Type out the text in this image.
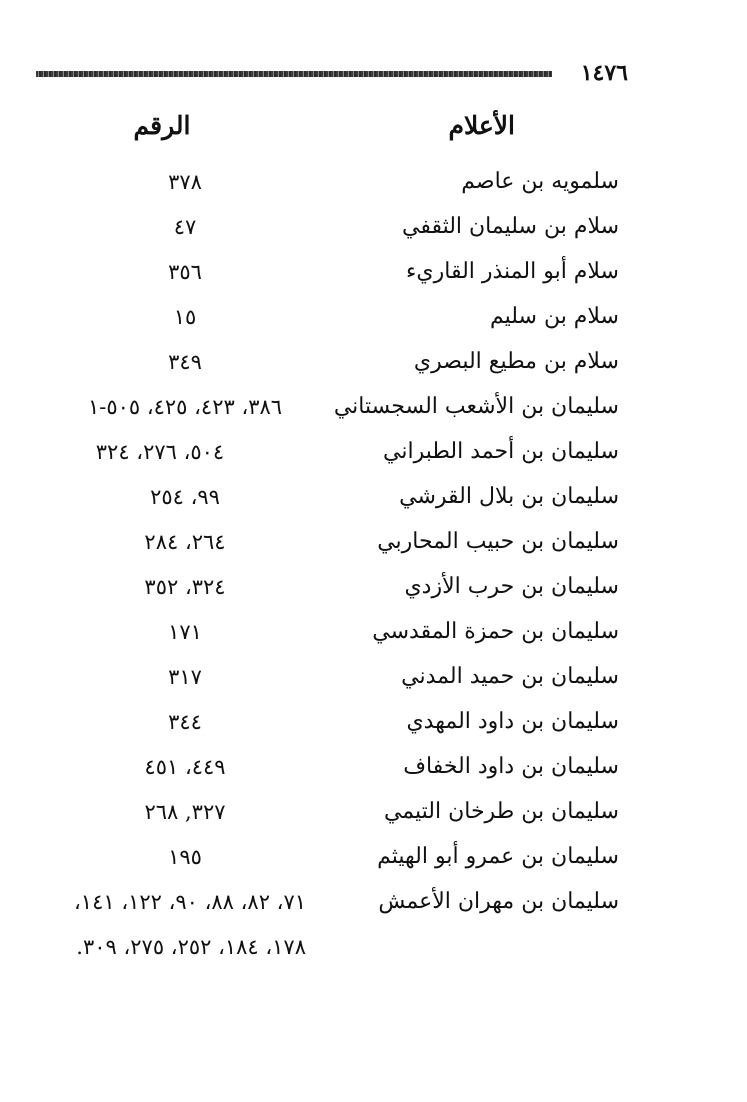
١٤٧٦
الأعلام
الرقم
سلمويه بن عاصم
٣٧٨
سلام بن سليمان الثقفي
٤٧
سلام أبو المنذر القاريء
٣٥٦
سلام بن سليم
١٥
سلام بن مطيع البصري
٣٤٩
سليمان بن الأشعب السجستاني
٣٨٦، ٤٢٣، ٤٢٥، ٥٠٥-١
سليمان بن أحمد الطبراني
٥٠٤، ٢٧٦، ٣٢٤
سليمان بن بلال القرشي
٩٩، ٢٥٤
سليمان بن حبيب المحاربي
٢٦٤، ٢٨٤
سليمان بن حرب الأزدي
٣٢٤، ٣٥٢
سليمان بن حمزة المقدسي
١٧١
سليمان بن حميد المدني
٣١٧
سليمان بن داود المهدي
٣٤٤
سليمان بن داود الخفاف
٤٤٩، ٤٥١
سليمان بن طرخان التيمي
٣٢٧, ٢٦٨
سليمان بن عمرو أبو الهيثم
١٩٥
سليمان بن مهران الأعمش
٧١، ٨٢، ٨٨، ٩٠، ١٢٢، ١٤١،
١٧٨، ١٨٤، ٢٥٢، ٢٧٥، ٣٠٩.
